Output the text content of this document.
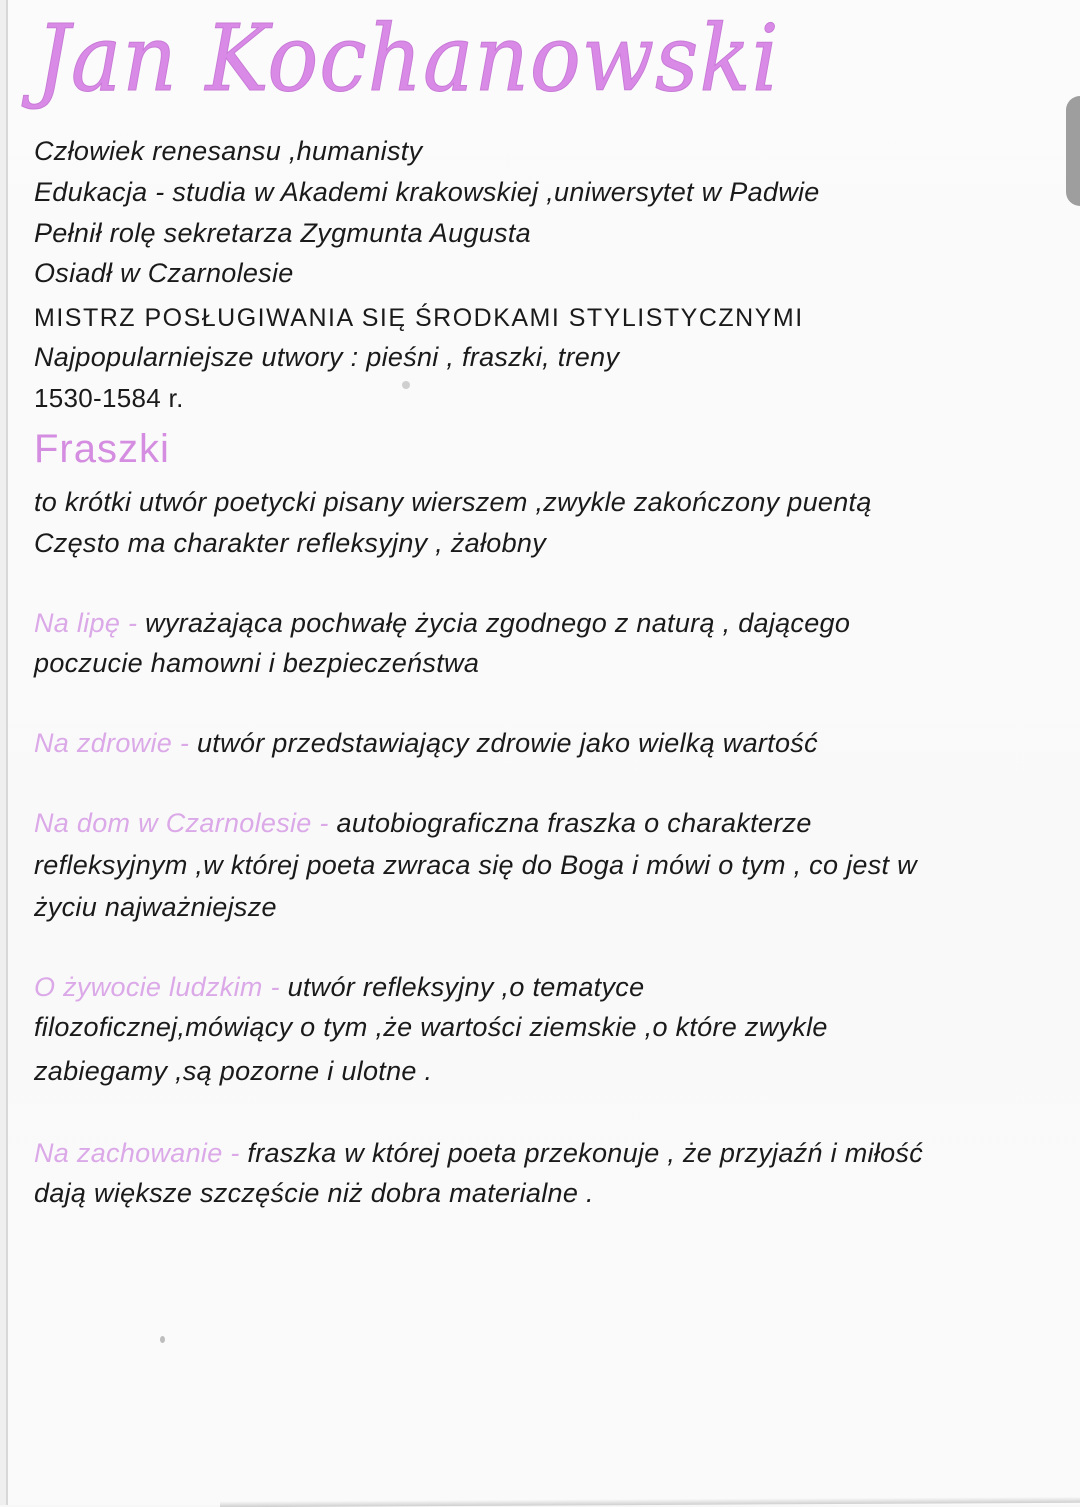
Jan Kochanowski
Człowiek renesansu ,humanisty
Edukacja - studia w Akademi krakowskiej ,uniwersytet w Padwie
Pełnił rolę sekretarza Zygmunta Augusta
Osiadł w Czarnolesie
MISTRZ POSŁUGIWANIA SIĘ ŚRODKAMI STYLISTYCZNYMI
Najpopularniejsze utwory : pieśni , fraszki, treny
1530-1584 r.
Fraszki
to krótki utwór poetycki pisany wierszem ,zwykle zakończony puentą
Często ma charakter refleksyjny , żałobny
Na lipę - wyrażająca pochwałę życia zgodnego z naturą , dającego
poczucie hamowni i bezpieczeństwa
Na zdrowie - utwór przedstawiający zdrowie jako wielką wartość
Na dom w Czarnolesie - autobiograficzna fraszka o charakterze
refleksyjnym ,w której poeta zwraca się do Boga i mówi o tym , co jest w
życiu najważniejsze
O żywocie ludzkim - utwór refleksyjny ,o tematyce
filozoficznej,mówiący o tym ,że wartości ziemskie ,o które zwykle
zabiegamy ,są pozorne i ulotne .
Na zachowanie - fraszka w której poeta przekonuje , że przyjaźń i miłość
dają większe szczęście niż dobra materialne .
